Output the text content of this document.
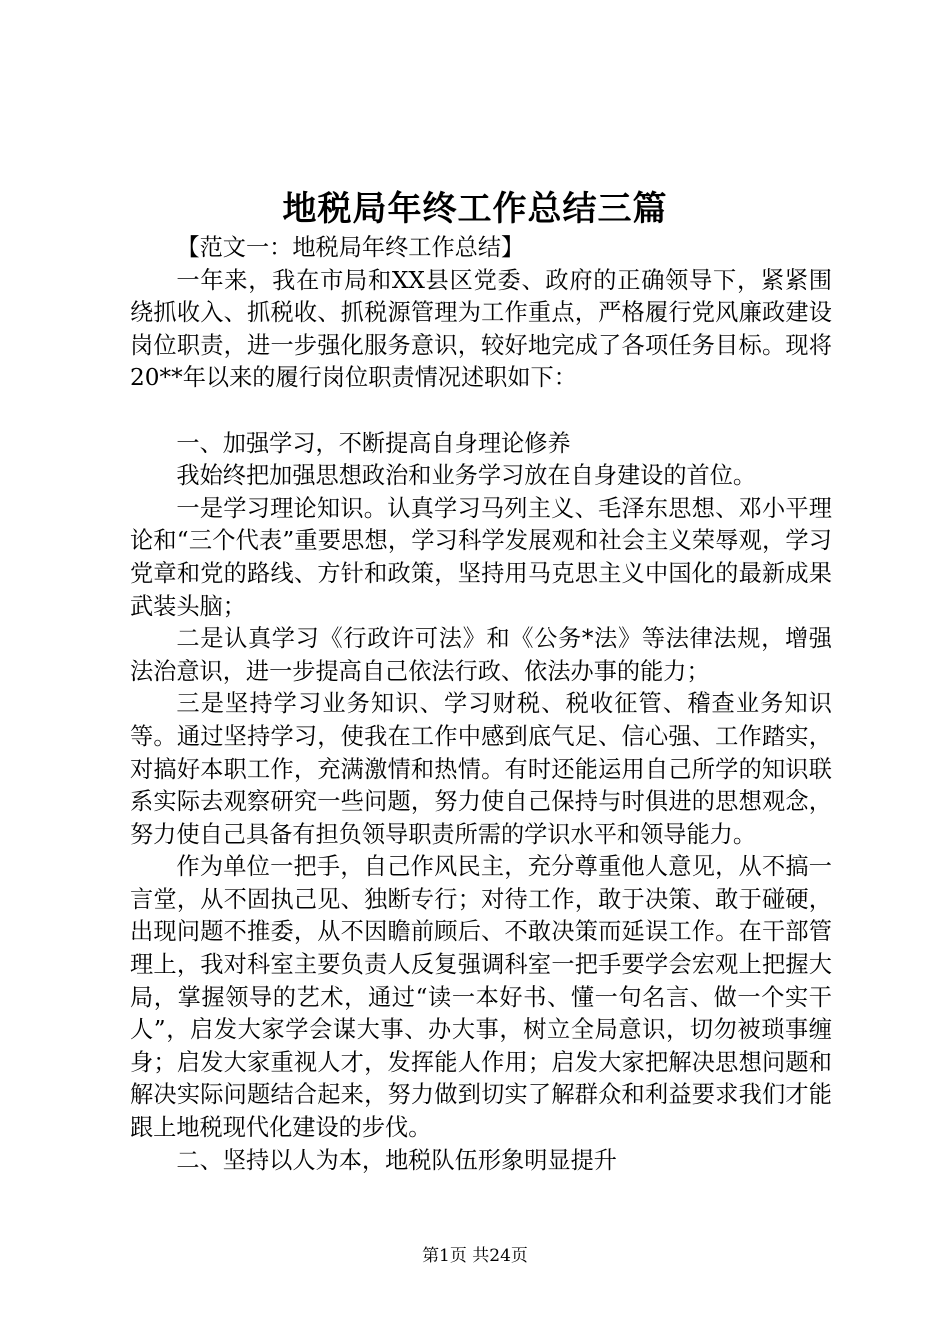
地税局年终工作总结三篇

【范文一：地税局年终工作总结】

一年来，我在市局和XX县区党委、政府的正确领导下，紧紧围绕抓收入、抓税收、抓税源管理为工作重点，严格履行党风廉政建设岗位职责，进一步强化服务意识，较好地完成了各项任务目标。现将20**年以来的履行岗位职责情况述职如下：

一、加强学习，不断提高自身理论修养

我始终把加强思想政治和业务学习放在自身建设的首位。

一是学习理论知识。认真学习马列主义、毛泽东思想、邓小平理论和“三个代表”重要思想，学习科学发展观和社会主义荣辱观，学习党章和党的路线、方针和政策，坚持用马克思主义中国化的最新成果武装头脑；

二是认真学习《行政许可法》和《公务*法》等法律法规，增强法治意识，进一步提高自己依法行政、依法办事的能力；

三是坚持学习业务知识、学习财税、税收征管、稽查业务知识等。通过坚持学习，使我在工作中感到底气足、信心强、工作踏实，对搞好本职工作，充满激情和热情。有时还能运用自己所学的知识联系实际去观察研究一些问题，努力使自己保持与时俱进的思想观念，努力使自己具备有担负领导职责所需的学识水平和领导能力。

作为单位一把手，自己作风民主，充分尊重他人意见，从不搞一言堂，从不固执己见、独断专行；对待工作，敢于决策、敢于碰硬，出现问题不推委，从不因瞻前顾后、不敢决策而延误工作。在干部管理上，我对科室主要负责人反复强调科室一把手要学会宏观上把握大局，掌握领导的艺术，通过“读一本好书、懂一句名言、做一个实干人”，启发大家学会谋大事、办大事，树立全局意识，切勿被琐事缠身；启发大家重视人才，发挥能人作用；启发大家把解决思想问题和解决实际问题结合起来，努力做到切实了解群众和利益要求我们才能跟上地税现代化建设的步伐。

二、坚持以人为本，地税队伍形象明显提升

第1页 共24页
